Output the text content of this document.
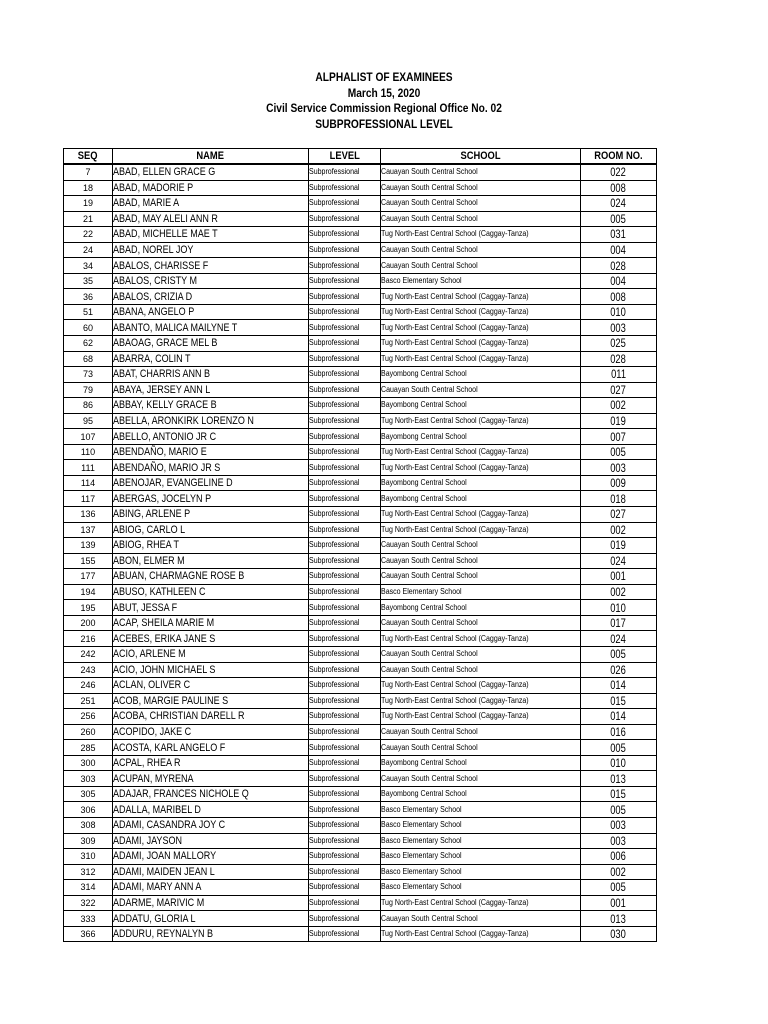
ALPHALIST OF EXAMINEES
March 15, 2020
Civil Service Commission Regional Office No. 02
SUBPROFESSIONAL LEVEL
SEQ	NAME	LEVEL	SCHOOL	ROOM NO.
7	ABAD, ELLEN GRACE G	Subprofessional	Cauayan South Central School	022
18	ABAD, MADORIE P	Subprofessional	Cauayan South Central School	008
19	ABAD, MARIE A	Subprofessional	Cauayan South Central School	024
21	ABAD, MAY ALELI ANN R	Subprofessional	Cauayan South Central School	005
22	ABAD, MICHELLE MAE T	Subprofessional	Tug North-East Central School (Caggay-Tanza)	031
24	ABAD, NOREL JOY	Subprofessional	Cauayan South Central School	004
34	ABALOS, CHARISSE F	Subprofessional	Cauayan South Central School	028
35	ABALOS, CRISTY M	Subprofessional	Basco Elementary School	004
36	ABALOS, CRIZIA D	Subprofessional	Tug North-East Central School (Caggay-Tanza)	008
51	ABANA, ANGELO P	Subprofessional	Tug North-East Central School (Caggay-Tanza)	010
60	ABANTO, MALICA MAILYNE T	Subprofessional	Tug North-East Central School (Caggay-Tanza)	003
62	ABAOAG, GRACE MEL B	Subprofessional	Tug North-East Central School (Caggay-Tanza)	025
68	ABARRA, COLIN T	Subprofessional	Tug North-East Central School (Caggay-Tanza)	028
73	ABAT, CHARRIS ANN B	Subprofessional	Bayombong Central School	011
79	ABAYA, JERSEY ANN L	Subprofessional	Cauayan South Central School	027
86	ABBAY, KELLY GRACE B	Subprofessional	Bayombong Central School	002
95	ABELLA, ARONKIRK LORENZO N	Subprofessional	Tug North-East Central School (Caggay-Tanza)	019
107	ABELLO, ANTONIO JR C	Subprofessional	Bayombong Central School	007
110	ABENDAÑO, MARIO E	Subprofessional	Tug North-East Central School (Caggay-Tanza)	005
111	ABENDAÑO, MARIO JR S	Subprofessional	Tug North-East Central School (Caggay-Tanza)	003
114	ABENOJAR, EVANGELINE D	Subprofessional	Bayombong Central School	009
117	ABERGAS, JOCELYN P	Subprofessional	Bayombong Central School	018
136	ABING, ARLENE P	Subprofessional	Tug North-East Central School (Caggay-Tanza)	027
137	ABIOG, CARLO L	Subprofessional	Tug North-East Central School (Caggay-Tanza)	002
139	ABIOG, RHEA T	Subprofessional	Cauayan South Central School	019
155	ABON, ELMER M	Subprofessional	Cauayan South Central School	024
177	ABUAN, CHARMAGNE ROSE B	Subprofessional	Cauayan South Central School	001
194	ABUSO, KATHLEEN C	Subprofessional	Basco Elementary School	002
195	ABUT, JESSA F	Subprofessional	Bayombong Central School	010
200	ACAP, SHEILA MARIE M	Subprofessional	Cauayan South Central School	017
216	ACEBES, ERIKA JANE S	Subprofessional	Tug North-East Central School (Caggay-Tanza)	024
242	ACIO, ARLENE M	Subprofessional	Cauayan South Central School	005
243	ACIO, JOHN MICHAEL S	Subprofessional	Cauayan South Central School	026
246	ACLAN, OLIVER C	Subprofessional	Tug North-East Central School (Caggay-Tanza)	014
251	ACOB, MARGIE PAULINE S	Subprofessional	Tug North-East Central School (Caggay-Tanza)	015
256	ACOBA, CHRISTIAN DARELL R	Subprofessional	Tug North-East Central School (Caggay-Tanza)	014
260	ACOPIDO, JAKE C	Subprofessional	Cauayan South Central School	016
285	ACOSTA, KARL ANGELO F	Subprofessional	Cauayan South Central School	005
300	ACPAL, RHEA R	Subprofessional	Bayombong Central School	010
303	ACUPAN, MYRENA	Subprofessional	Cauayan South Central School	013
305	ADAJAR, FRANCES NICHOLE Q	Subprofessional	Bayombong Central School	015
306	ADALLA, MARIBEL D	Subprofessional	Basco Elementary School	005
308	ADAMI, CASANDRA JOY C	Subprofessional	Basco Elementary School	003
309	ADAMI, JAYSON	Subprofessional	Basco Elementary School	003
310	ADAMI, JOAN MALLORY	Subprofessional	Basco Elementary School	006
312	ADAMI, MAIDEN JEAN L	Subprofessional	Basco Elementary School	002
314	ADAMI, MARY ANN A	Subprofessional	Basco Elementary School	005
322	ADARME, MARIVIC M	Subprofessional	Tug North-East Central School (Caggay-Tanza)	001
333	ADDATU, GLORIA L	Subprofessional	Cauayan South Central School	013
366	ADDURU, REYNALYN B	Subprofessional	Tug North-East Central School (Caggay-Tanza)	030
